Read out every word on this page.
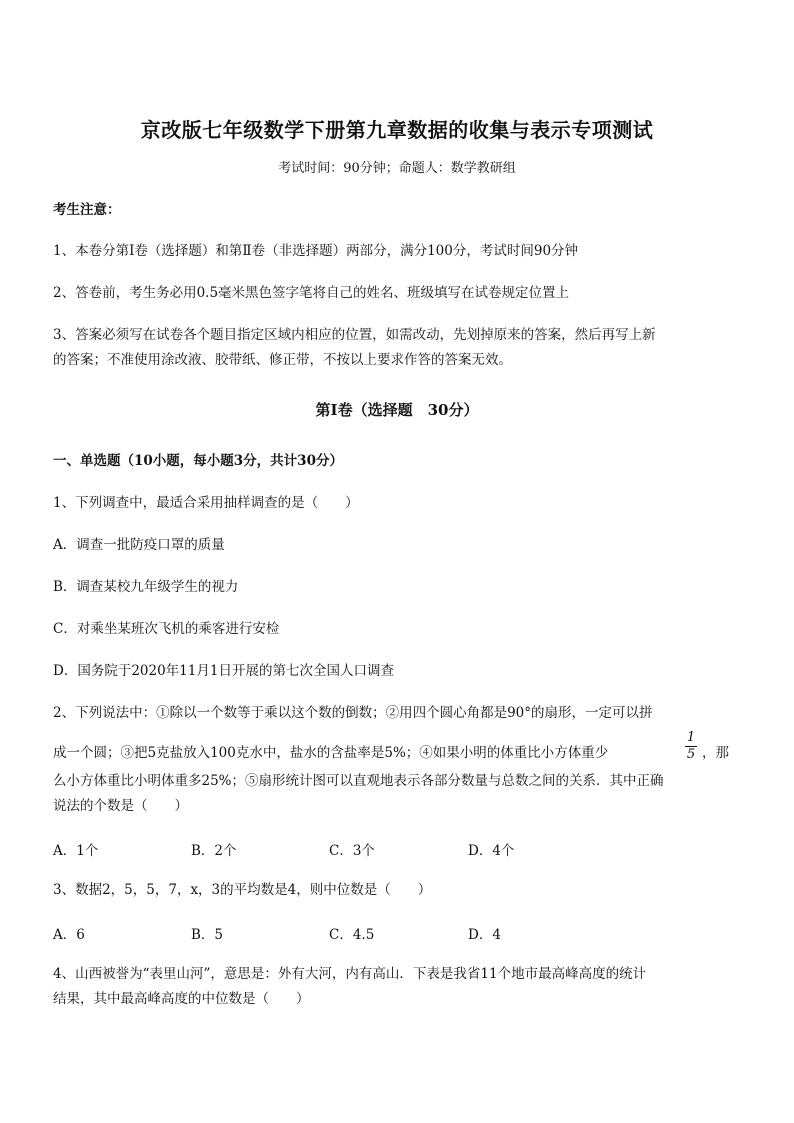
京改版七年级数学下册第九章数据的收集与表示专项测试
考试时间：90分钟；命题人：数学教研组
考生注意：
1、本卷分第Ⅰ卷（选择题）和第Ⅱ卷（非选择题）两部分，满分100分，考试时间90分钟
2、答卷前，考生务必用0.5毫米黑色签字笔将自己的姓名、班级填写在试卷规定位置上
3、答案必须写在试卷各个题目指定区域内相应的位置，如需改动，先划掉原来的答案，然后再写上新
的答案；不准使用涂改液、胶带纸、修正带，不按以上要求作答的答案无效。
第Ⅰ卷（选择题　30分）
一、单选题（10小题，每小题3分，共计30分）
1、下列调查中，最适合采用抽样调查的是（　　）
A．调查一批防疫口罩的质量
B．调查某校九年级学生的视力
C．对乘坐某班次飞机的乘客进行安检
D．国务院于2020年11月1日开展的第七次全国人口调查
2、下列说法中：①除以一个数等于乘以这个数的倒数；②用四个圆心角都是90°的扇形，一定可以拼
成一个圆；③把5克盐放入100克水中，盐水的含盐率是5%；④如果小明的体重比小方体重少
1
5 ，那
么小方体重比小明体重多25%；⑤扇形统计图可以直观地表示各部分数量与总数之间的关系．其中正确
说法的个数是（　　）
A．1个	B．2个	C．3个	D．4个
3、数据2，5，5，7，x，3的平均数是4，则中位数是（　　）
A．6	B．5	C．4.5	D．4
4、山西被誉为“表里山河”，意思是：外有大河，内有高山．下表是我省11个地市最高峰高度的统计
结果，其中最高峰高度的中位数是（　　）
